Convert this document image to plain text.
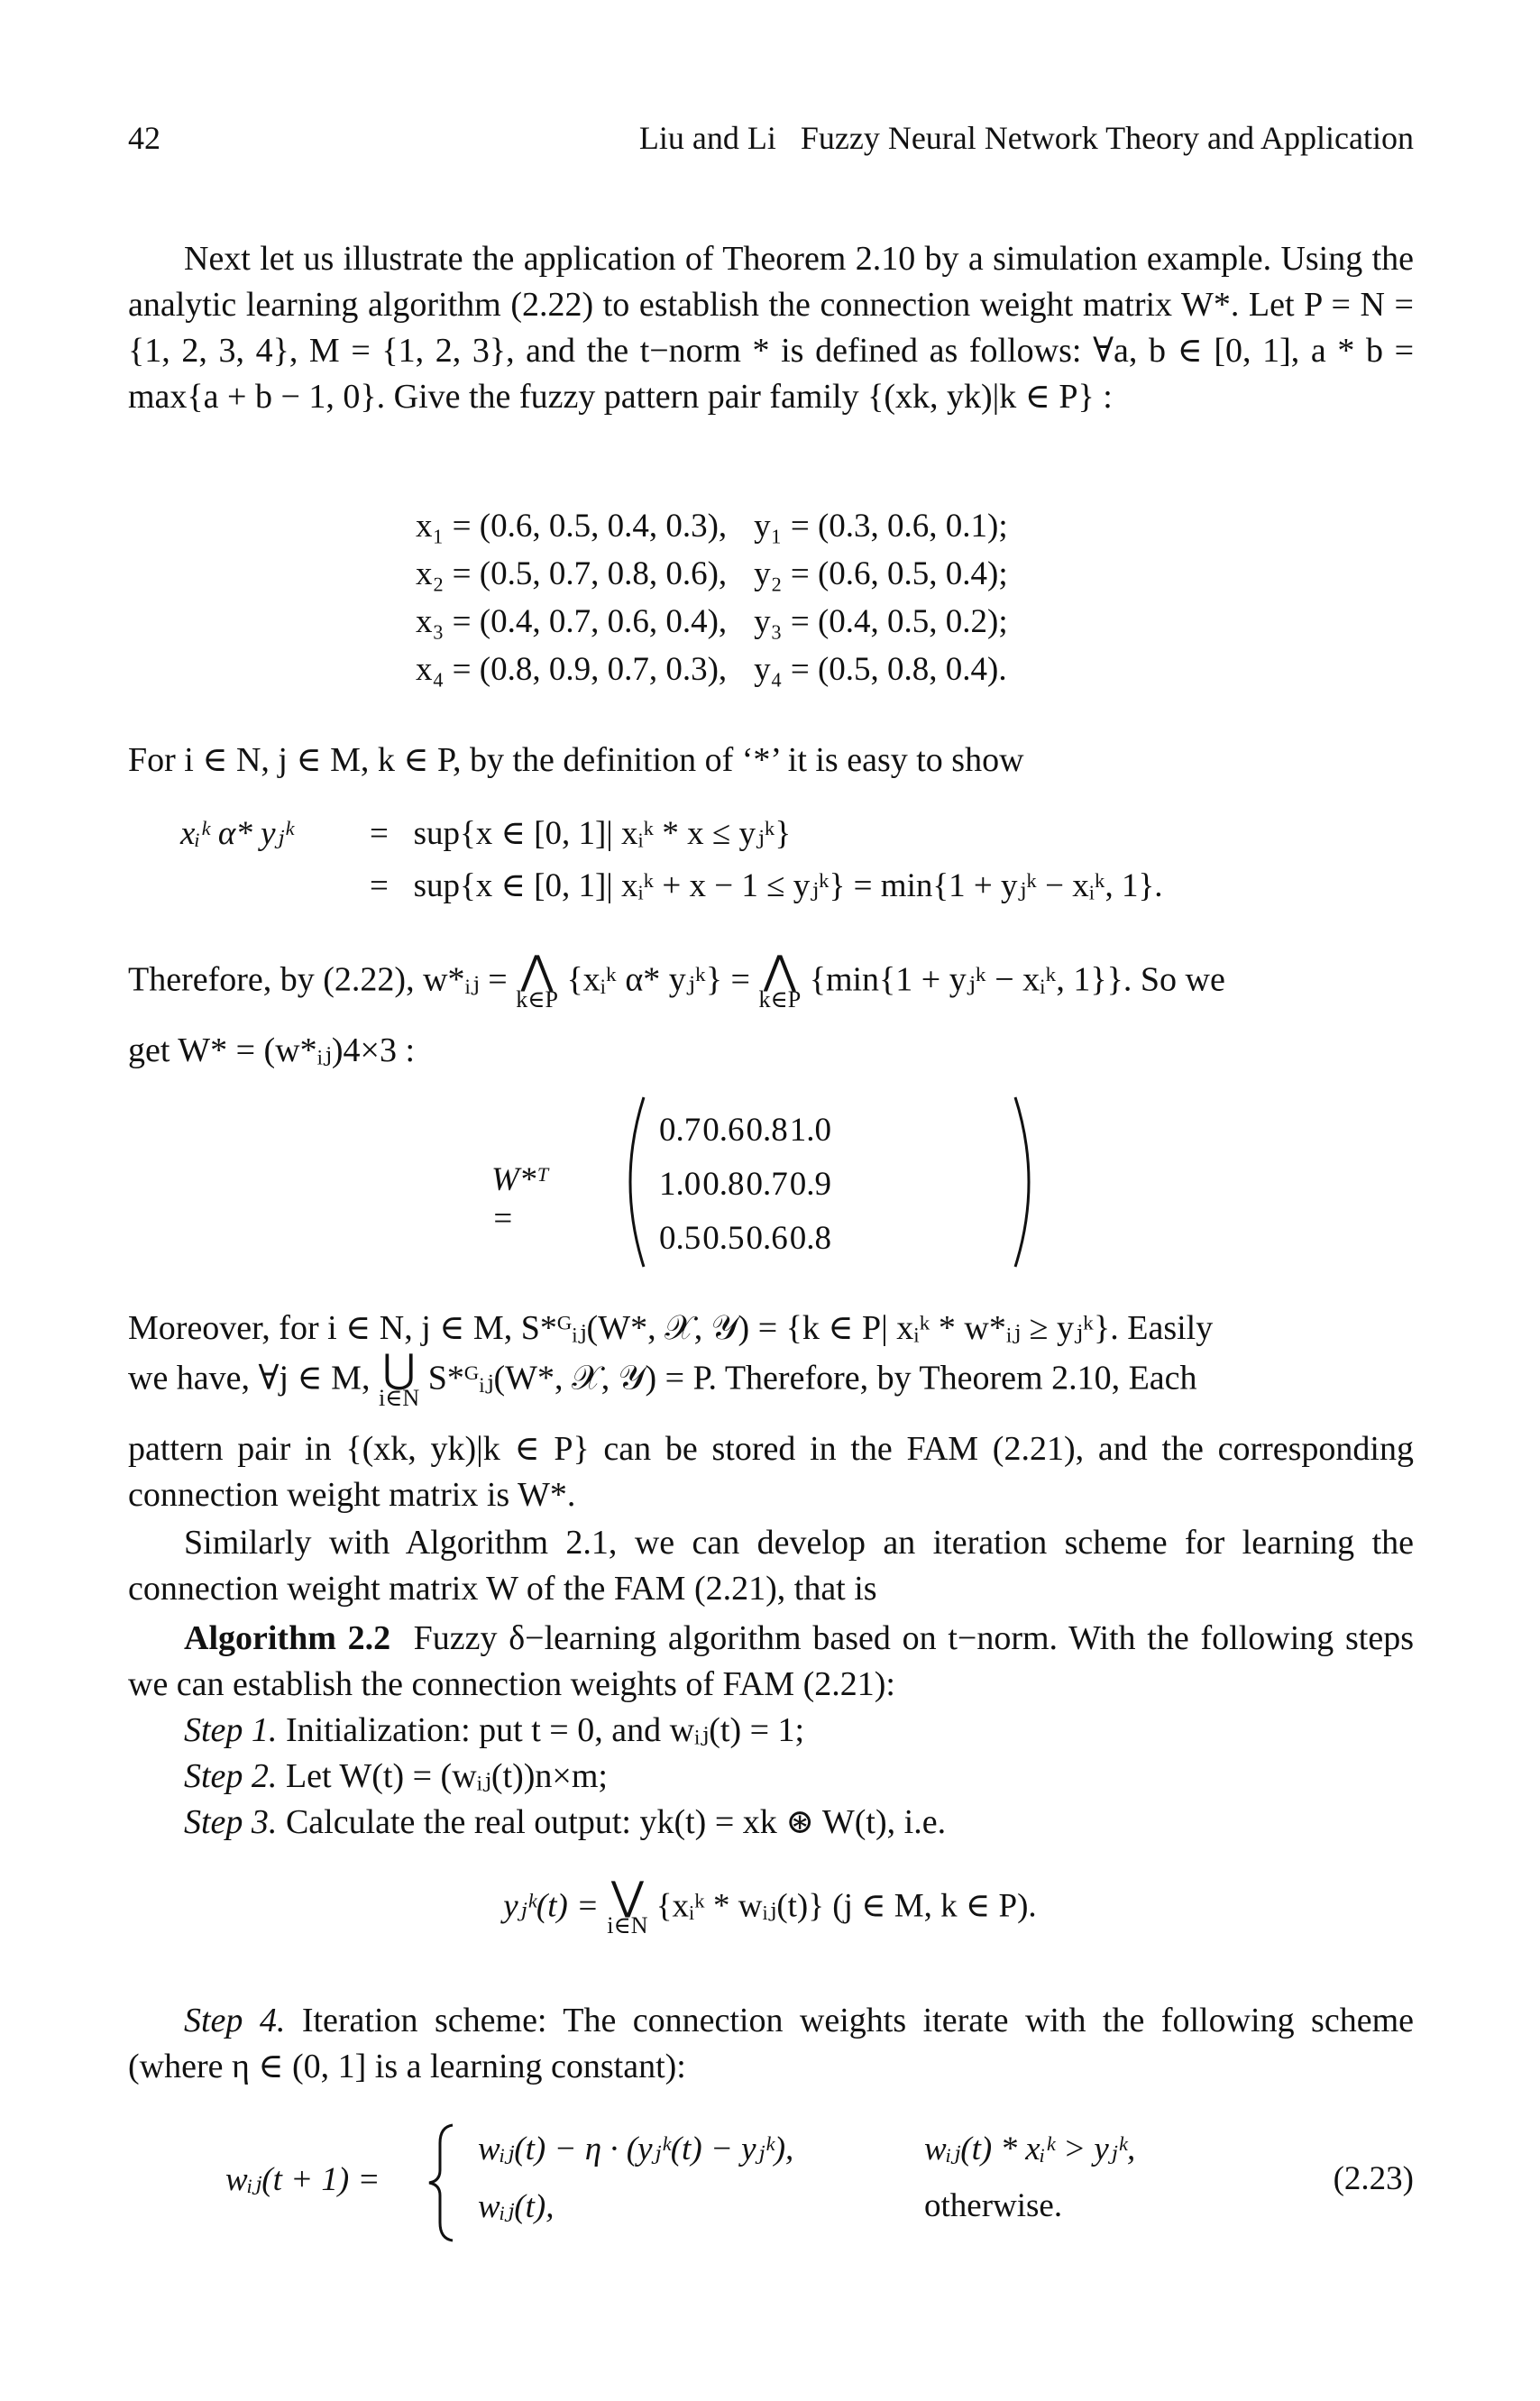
42	Liu and Li   Fuzzy Neural Network Theory and Application
Next let us illustrate the application of Theorem 2.10 by a simulation example. Using the analytic learning algorithm (2.22) to establish the connection weight matrix W*. Let P = N = {1, 2, 3, 4}, M = {1, 2, 3}, and the t−norm * is defined as follows: ∀a, b ∈ [0, 1], a * b = max{a + b − 1, 0}. Give the fuzzy pattern pair family {(xk, yk)|k ∈ P} :
x₁ = (0.6, 0.5, 0.4, 0.3),	y₁ = (0.3, 0.6, 0.1);
x₂ = (0.5, 0.7, 0.8, 0.6),	y₂ = (0.6, 0.5, 0.4);
x₃ = (0.4, 0.7, 0.6, 0.4),	y₃ = (0.4, 0.5, 0.2);
x₄ = (0.8, 0.9, 0.7, 0.3),	y₄ = (0.5, 0.8, 0.4).
For i ∈ N, j ∈ M, k ∈ P, by the definition of ‘*’ it is easy to show
xᵢᵏ α* yⱼᵏ =   sup{x ∈ [0, 1]| xᵢᵏ * x ≤ yⱼᵏ}
=   sup{x ∈ [0, 1]| xᵢᵏ + x − 1 ≤ yⱼᵏ} = min{1 + yⱼᵏ − xᵢᵏ, 1}.
Therefore, by (2.22), w*ᵢⱼ = ⋀
k∈P
{xᵢᵏ α* yⱼᵏ} = ⋀
k∈P
{min{1 + yⱼᵏ − xᵢᵏ, 1}}. So we
get W* = (w*ᵢⱼ)4×3 :
W*ᵀ =
0.7	0.6	0.8	1.0
1.0	0.8	0.7	0.9
0.5	0.5	0.6	0.8
Moreover, for i ∈ N, j ∈ M, S*ᴳᵢⱼ(W*, 𝒳, 𝒴) = {k ∈ P| xᵢᵏ * w*ᵢⱼ ≥ yⱼᵏ}. Easily
we have, ∀j ∈ M, ⋃
i∈N
S*ᴳᵢⱼ(W*, 𝒳, 𝒴) = P. Therefore, by Theorem 2.10, Each
pattern pair in {(xk, yk)|k ∈ P} can be stored in the FAM (2.21), and the corresponding connection weight matrix is W*.
Similarly with Algorithm 2.1, we can develop an iteration scheme for learning the connection weight matrix W of the FAM (2.21), that is
Algorithm 2.2 Fuzzy δ−learning algorithm based on t−norm. With the following steps we can establish the connection weights of FAM (2.21):
Step 1. Initialization: put t = 0, and wᵢⱼ(t) = 1;
Step 2. Let W(t) = (wᵢⱼ(t))n×m;
Step 3. Calculate the real output: yk(t) = xk ⊛ W(t), i.e.
yⱼᵏ(t) = ⋁
i∈N
{xᵢᵏ * wᵢⱼ(t)} (j ∈ M, k ∈ P).
Step 4. Iteration scheme: The connection weights iterate with the following scheme (where η ∈ (0, 1] is a learning constant):
wᵢⱼ(t + 1) =
wᵢⱼ(t) − η · (yⱼᵏ(t) − yⱼᵏ),	wᵢⱼ(t) * xᵢᵏ > yⱼᵏ,
wᵢⱼ(t),	otherwise.
(2.23)
